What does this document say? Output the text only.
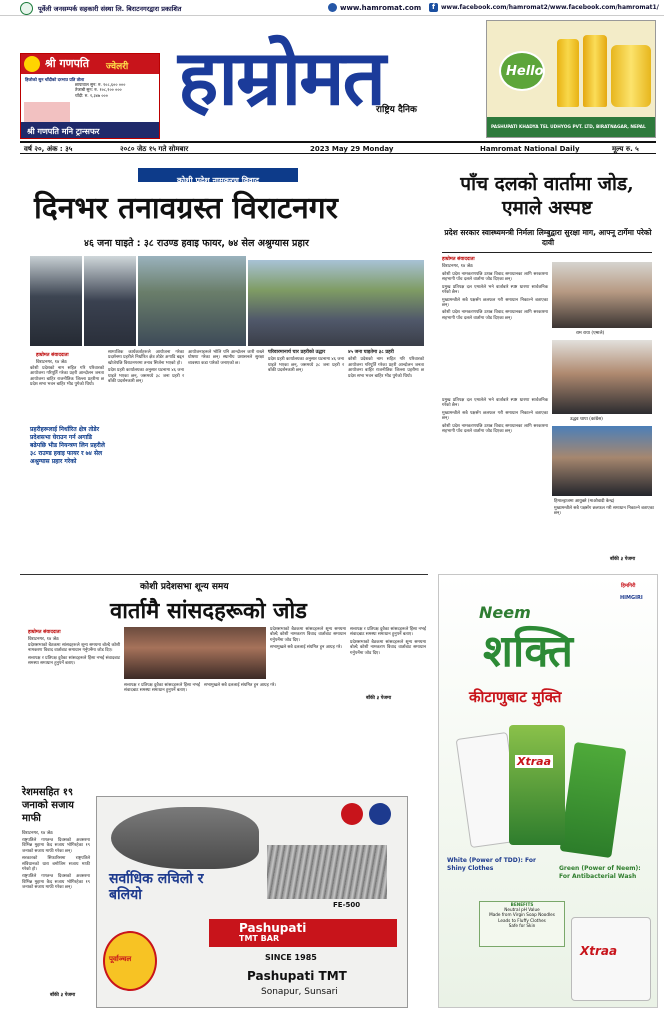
पूर्वेली जनसम्पर्क सहकारी संस्था लि. बिराटनगरद्वारा प्रकाशित	www.hamromat.com	f www.facebook.com/hamromat2/www.facebook.com/hamromat1/
श्री गणपति ज्वेलरी
हिजोको सुन चाँदीको दरभाउ प्रति तोला
छापावाल सुन: रु. १०८,६०० ०००
तेजाबी सुन: रु. १०८,१०० ०००
चाँदी: रु. १,३४७ ०००
श्री गणपति मनि ट्रान्सफर
हाम्रोमत
राष्ट्रिय दैनिक
Hello
PASHUPATI KHADYA TEL UDHYOG PVT. LTD, BIRATNAGAR, NEPAL
वर्ष २०, अंक : ३५	२०८० जेठ १५ गते सोमबार	2023 May 29 Monday	Hamromat National Daily	मूल्य रु. ५
कोशी प्रदेश नामकरण विवाद
दिनभर तनावग्रस्त विराटनगर
४६ जना घाइते : ३८ राउण्ड हवाइ फायर, ७४ सेल अश्रुग्यास प्रहार
हाम्रोमत संवाददाता
विराटनगर, १४ जेठ

कोशी प्रदेशको नाम सहित गरि परिवारको आयोजना गरिपूर्ति गरेका प्रहरी आन्दोलन जनता आयोजना बाहिर राजनीतिक जिल्ला प्रहरीमा छ प्रदेश सभा भवन बाहिर भीड पुगेको थियो।

प्रहरीहरूलाई निर्धारित क्षेत्र तोडेर प्रदेशसभा घेराउन गर्न अगाडि बढेपछि भीड नियन्त्रण लिन प्रहरीले ३८ राउण्ड हवाइ फायर र ७४ सेल अश्रुग्यास प्रहार गरेको

सामाजिक कार्यकर्ताहरूले आयोजना गरेका प्रदर्शनमा प्रहरीले निर्धारित क्षेत्र तोडेर अगाडि बढ्न खोजेपछि विराटनगरमा तनाव सिर्जना भएको हो।

प्रदेश प्रहरी कार्यालयका अनुसार घटनामा ४६ जना घाइते भएका छन्, जसमध्ये ३८ जना प्रहरी र बाँकी प्रदर्शनकारी छन्।

आयोजनाहरूले भोलि पनि आन्दोलन जारी राख्ने घोषणा गरेका छन्। स्थानीय प्रशासनले सुरक्षा व्यवस्था कडा पारेको जनाएको छ।

परिवारमानार्थ चार प्रहरीको उद्धार

प्रदेश प्रहरी कार्यालयका अनुसार घटनामा ४६ जना घाइते भएका छन्, जसमध्ये ३८ जना प्रहरी र बाँकी प्रदर्शनकारी छन्।

४५ जना घाइतेमा ३८ प्रहरी

कोशी प्रदेशको नाम सहित गरि परिवारको आयोजना गरिपूर्ति गरेका प्रहरी आन्दोलन जनता आयोजना बाहिर राजनीतिक जिल्ला प्रहरीमा छ प्रदेश सभा भवन बाहिर भीड पुगेको थियो।

पाँच दलको वार्तामा जोड, एमाले अस्पष्ट
प्रदेश सरकार स्वास्थ्यमन्त्री निर्मला लिम्बुद्वारा सुरक्षा माग, आफ्नू टार्गेमा परेको दावी
हाम्रोमत संवाददाता
विराटनगर, १४ जेठ

कोशी प्रदेश नामकरणपछि उत्पन्न विवाद समाधानका लागि सरकारमा सहभागी पाँच दलले वार्तामा जोड दिएका छन्।

प्रमुख प्रतिपक्ष दल एमालेले भने वार्ताबारे स्पष्ट धारणा सार्वजनिक गरेको छैन।

मुख्यमन्त्रीले सबै पक्षसँग छलफल गरी समाधान निकाल्ने बताएका छन्।

कोशी प्रदेश नामकरणपछि उत्पन्न विवाद समाधानका लागि सरकारमा सहभागी पाँच दलले वार्तामा जोड दिएका छन्।

प्रमुख प्रतिपक्ष दल एमालेले भने वार्ताबारे स्पष्ट धारणा सार्वजनिक गरेको छैन।

मुख्यमन्त्रीले सबै पक्षसँग छलफल गरी समाधान निकाल्ने बताएका छन्।

कोशी प्रदेश नामकरणपछि उत्पन्न विवाद समाधानका लागि सरकारमा सहभागी पाँच दलले वार्तामा जोड दिएका छन्।

राम राया (एमाले)
उद्धव थापा (कांग्रेस)
हिमाल्ड्राजमा आयुक्ते (माओवादी केन्द्र)

मुख्यमन्त्रीले सबै पक्षसँग छलफल गरी समाधान निकाल्ने बताएका छन्।

बाँकी ३ पेजमा
कोशी प्रदेशसभा शून्य समय
वार्तामै सांसदहरूको जोड
हाम्रोमत संवाददाता
विराटनगर, १४ जेठ

प्रदेशसभाको बैठकमा सांसदहरूले शून्य समयमा बोल्दै कोशी नामकरण विवाद वार्ताबाट समाधान गर्नुपर्नेमा जोड दिए।

सत्तापक्ष र प्रतिपक्ष दुवैका सांसदहरूले हिंसा नभई संवादबाट समस्या समाधान हुनुपर्ने बताए।

सत्तापक्ष र प्रतिपक्ष दुवैका सांसदहरूले हिंसा नभई संवादबाट समस्या समाधान हुनुपर्ने बताए।

सभामुखले सबै दललाई संयमित हुन आग्रह गरे।

प्रदेशसभाको बैठकमा सांसदहरूले शून्य समयमा बोल्दै कोशी नामकरण विवाद वार्ताबाट समाधान गर्नुपर्नेमा जोड दिए।

सभामुखले सबै दललाई संयमित हुन आग्रह गरे।

सत्तापक्ष र प्रतिपक्ष दुवैका सांसदहरूले हिंसा नभई संवादबाट समस्या समाधान हुनुपर्ने बताए।

प्रदेशसभाको बैठकमा सांसदहरूले शून्य समयमा बोल्दै कोशी नामकरण विवाद वार्ताबाट समाधान गर्नुपर्नेमा जोड दिए।

बाँकी ३ पेजमा
रेशमसहित १९ जनाको सजाय माफी
विराटनगर, १४ जेठ

राष्ट्रपतिले गणतन्त्र दिवसको अवसरमा विभिन्न मुद्दामा कैद सजाय भोगिरहेका १९ जनाको सजाय माफी गरेका छन्।

सरकारको सिफारिसमा राष्ट्रपतिले संविधानको धारा बमोजिम सजाय माफी गरेको हो।

राष्ट्रपतिले गणतन्त्र दिवसको अवसरमा विभिन्न मुद्दामा कैद सजाय भोगिरहेका १९ जनाको सजाय माफी गरेका छन्।

बाँकी ३ पेजमा
FE-500
सर्वाधिक लचिलो र बलियो
पूर्वाञ्चल
Pashupati
TMT BAR
SINCE 1985
Pashupati TMT
Sonapur, Sunsari
हिमगिरी
HIMGIRI
Neem
शक्ति
कीटाणुबाट मुक्ति
Xtraa
White (Power of TDD): For Shiny Clothes	Green (Power of Neem): For Antibacterial Wash
BENEFITS
Neutral pH Value
Made from Virgin Soap Noodles
Leads to Fluffy Clothes
Safe for Skin
Xtraa
